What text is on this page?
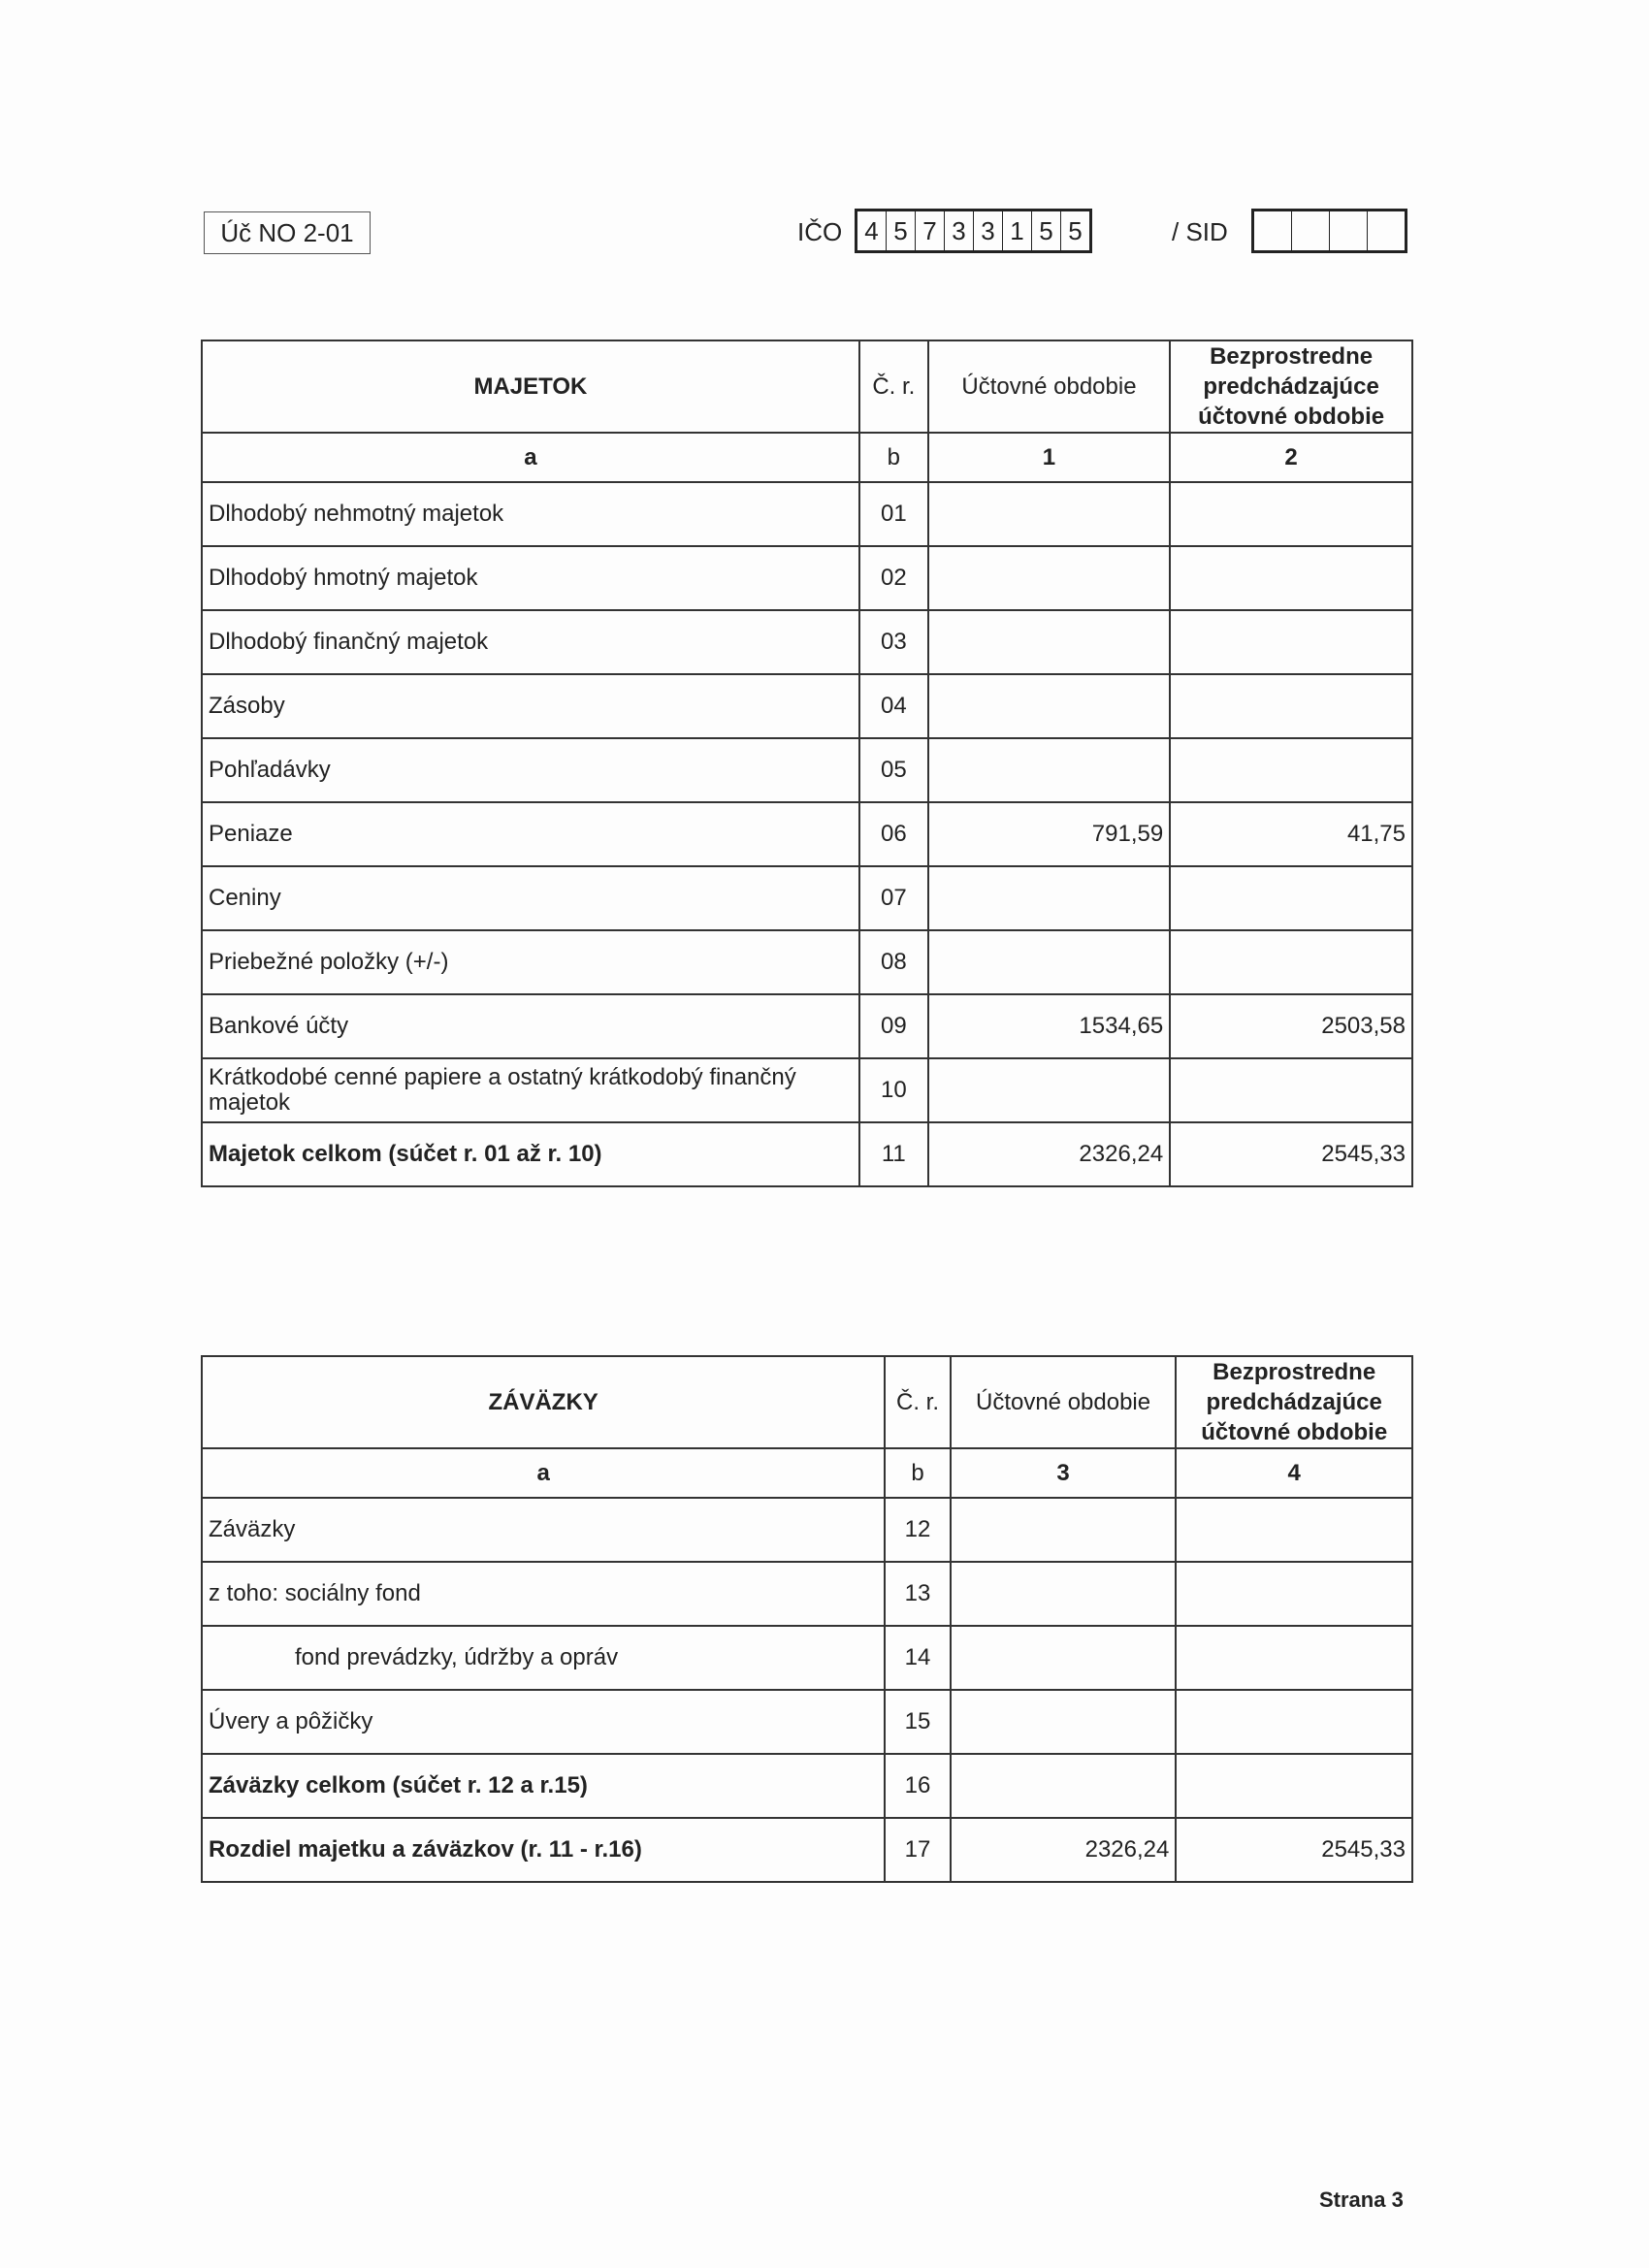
Úč NO 2-01	IČO 4 5 7 3 3 1 5 5	/ SID
MAJETOK	Č. r.	Účtovné obdobie	Bezprostredne predchádzajúce účtovné obdobie
a	b	1	2
Dlhodobý nehmotný majetok	01		
Dlhodobý hmotný majetok	02		
Dlhodobý finančný majetok	03		
Zásoby	04		
Pohľadávky	05		
Peniaze	06	791,59	41,75
Ceniny	07		
Priebežné položky (+/-)	08		
Bankové účty	09	1534,65	2503,58
Krátkodobé cenné papiere a ostatný krátkodobý finančný majetok	10		
Majetok celkom (súčet r. 01 až r. 10)	11	2326,24	2545,33
ZÁVÄZKY	Č. r.	Účtovné obdobie	Bezprostredne predchádzajúce účtovné obdobie
a	b	3	4
Záväzky	12		
z toho: sociálny fond	13		
fond prevádzky, údržby a opráv	14		
Úvery a pôžičky	15		
Záväzky celkom (súčet r. 12 a r.15)	16		
Rozdiel majetku a záväzkov (r. 11 - r.16)	17	2326,24	2545,33
Strana 3
